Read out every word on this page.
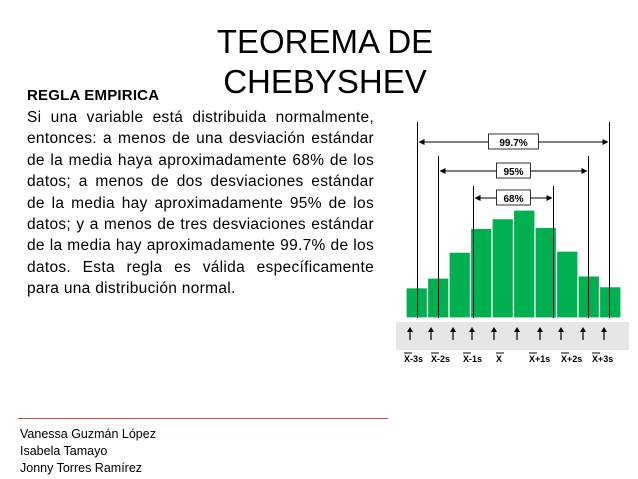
TEOREMA DE
CHEBYSHEV
REGLA EMPIRICA
Si una variable está distribuida normalmente, entonces: a menos de una desviación estándar de la media haya aproximadamente 68% de los datos; a menos de dos desviaciones estándar de la media hay aproximadamente 95% de los datos; y a menos de tres desviaciones estándar de la media hay aproximadamente 99.7% de los datos. Esta regla es válida específicamente para una distribución normal.
Vanessa Guzmán López
Isabela Tamayo
Jonny Torres Ramírez
99.7%
95%
68%
X-3s X-2s X-1s X	X+1s X+2s X+3s
